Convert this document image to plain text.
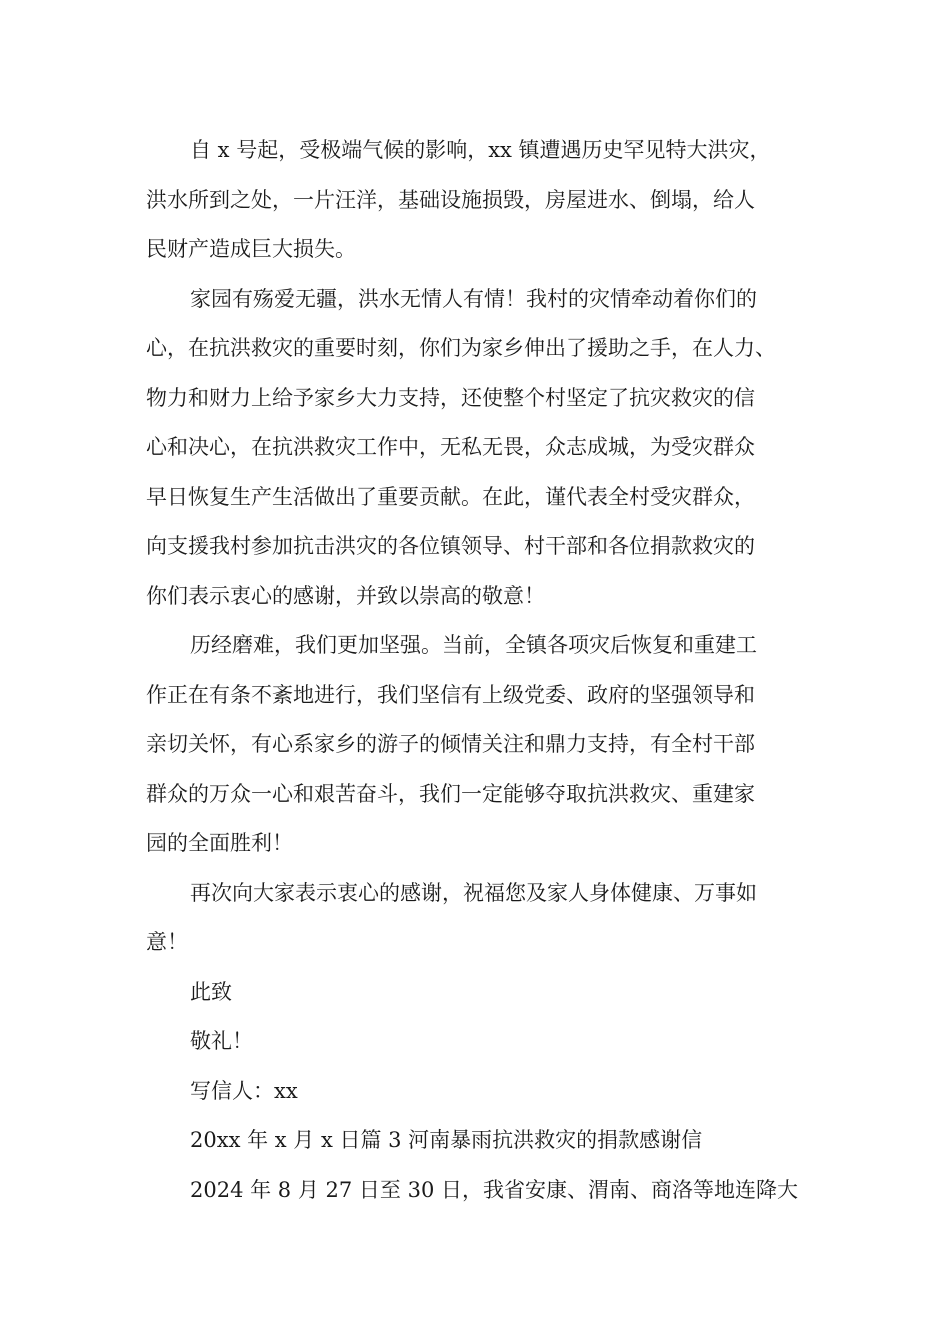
自 x 号起，受极端气候的影响，xx 镇遭遇历史罕见特大洪灾，
洪水所到之处，一片汪洋，基础设施损毁，房屋进水、倒塌，给人
民财产造成巨大损失。
家园有殇爱无疆，洪水无情人有情！我村的灾情牵动着你们的
心，在抗洪救灾的重要时刻，你们为家乡伸出了援助之手，在人力、
物力和财力上给予家乡大力支持，还使整个村坚定了抗灾救灾的信
心和决心，在抗洪救灾工作中，无私无畏，众志成城，为受灾群众
早日恢复生产生活做出了重要贡献。在此，谨代表全村受灾群众，
向支援我村参加抗击洪灾的各位镇领导、村干部和各位捐款救灾的
你们表示衷心的感谢，并致以崇高的敬意！
历经磨难，我们更加坚强。当前，全镇各项灾后恢复和重建工
作正在有条不紊地进行，我们坚信有上级党委、政府的坚强领导和
亲切关怀，有心系家乡的游子的倾情关注和鼎力支持，有全村干部
群众的万众一心和艰苦奋斗，我们一定能够夺取抗洪救灾、重建家
园的全面胜利！
再次向大家表示衷心的感谢，祝福您及家人身体健康、万事如
意！
此致
敬礼！
写信人：xx
20xx 年 x 月 x 日篇 3 河南暴雨抗洪救灾的捐款感谢信
2024 年 8 月 27 日至 30 日，我省安康、渭南、商洛等地连降大
